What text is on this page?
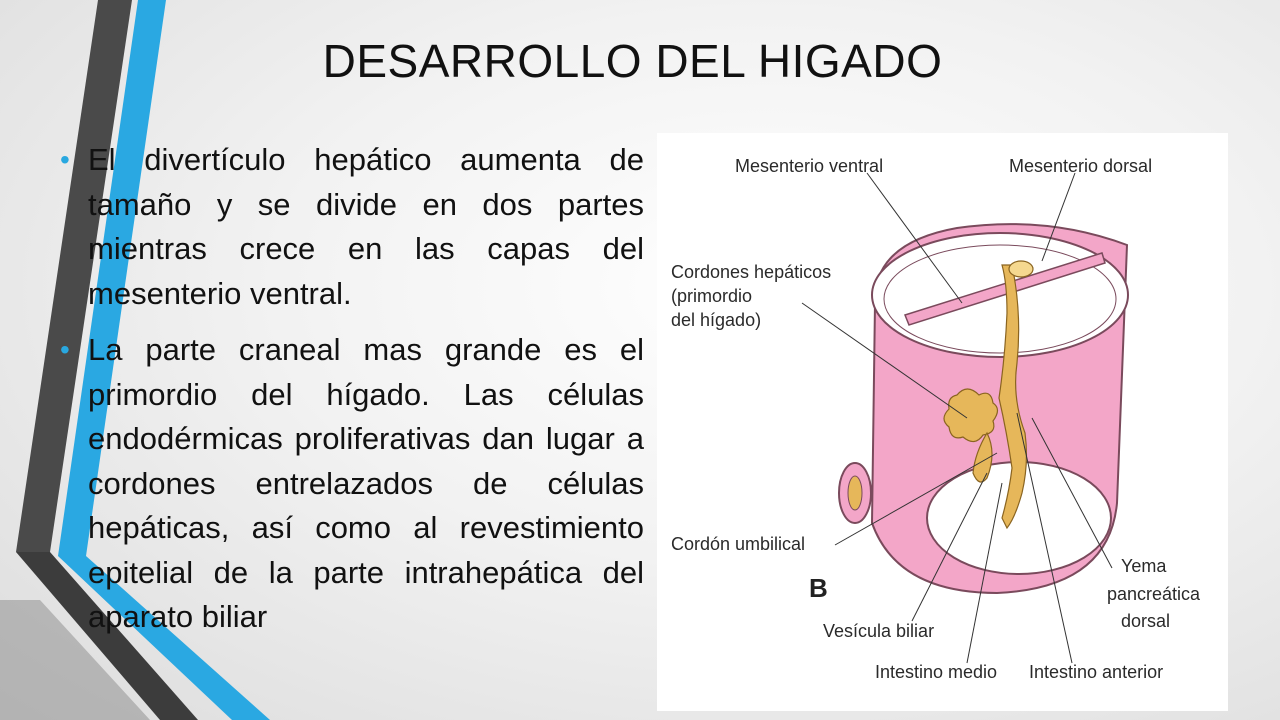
DESARROLLO DEL HIGADO
• El divertículo hepático aumenta de tamaño y se divide en dos partes mientras crece en las capas del mesenterio ventral.
• La parte craneal mas grande es el primordio del hígado. Las células endodérmicas proliferativas dan lugar a cordones entrelazados de células hepáticas, así como al revestimiento epitelial de la parte intrahepática del aparato biliar
Mesenterio ventral	Mesenterio dorsal
Cordones hepáticos
(primordio
del hígado)
Cordón umbilical
Yema
pancreática
dorsal
B
Vesícula biliar
Intestino medio Intestino anterior
